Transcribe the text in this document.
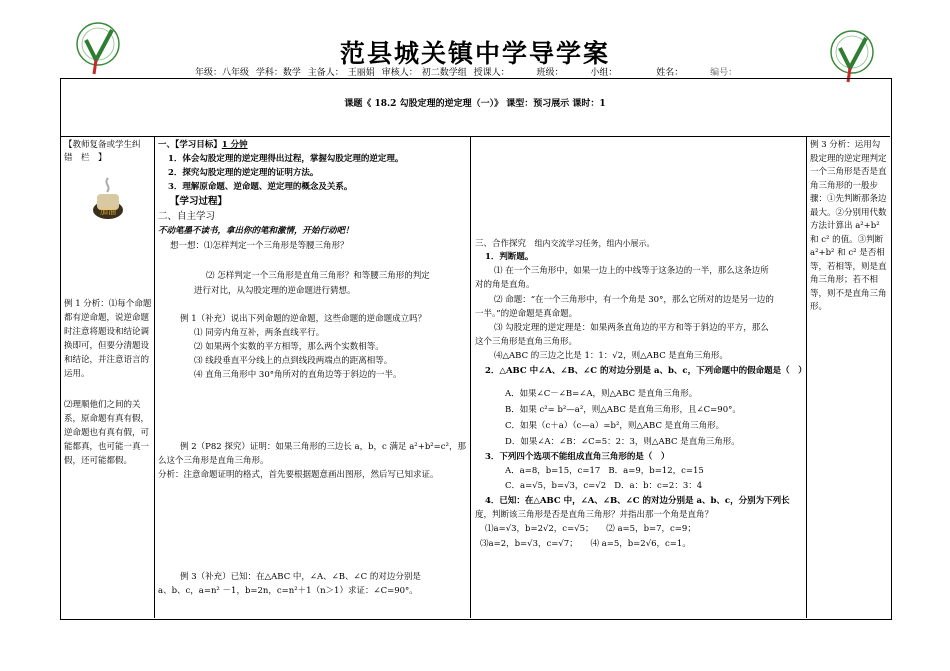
范县城关镇中学导学案
年级：八年级 学科：数学 主备人： 王丽娟 审核人： 初二数学组 授课人：	班级：	小组：	姓名：	编号：
课题《 18.2 勾股定理的逆定理（一）》 课型：预习展示 课时：1
【教师复备或学生纠　错　栏　】
加油
例 1 分析：⑴每个命题都有逆命题，说逆命题时注意将题设和结论调换即可，但要分清题设和结论，并注意语言的运用。
⑵理顺他们之间的关系，原命题有真有假，逆命题也有真有假，可能都真，也可能一真一假，还可能都假。
一、【学习目标】1 分钟
1．体会勾股定理的逆定理得出过程，掌握勾股定理的逆定理。
2．探究勾股定理的逆定理的证明方法。
3．理解原命题、逆命题、逆定理的概念及关系。
【学习过程】
二、自主学习
不动笔墨不读书，拿出你的笔和激情，开始行动吧！
想一想：⑴怎样判定一个三角形是等腰三角形？
⑵ 怎样判定一个三角形是直角三角形？和等腰三角形的判定
进行对比，从勾股定理的逆命题进行猜想。
例 1（补充）说出下列命题的逆命题，这些命题的逆命题成立吗？
⑴ 同旁内角互补，两条直线平行。
⑵ 如果两个实数的平方相等，那么两个实数相等。
⑶ 线段垂直平分线上的点到线段两端点的距离相等。
⑷ 直角三角形中 30°角所对的直角边等于斜边的一半。
例 2（P82 探究）证明：如果三角形的三边长 a，b，c 满足 a²+b²=c²，那
么这个三角形是直角三角形。
分析：注意命题证明的格式，首先要根据题意画出图形，然后写已知求证。
例 3（补充）已知：在△ABC 中，∠A、∠B、∠C 的对边分别是
a、b、c，a=n² －1，b=2n，c=n²＋1（n＞1）求证：∠C=90°。
三、合作探究　 组内交流学习任务，组内小展示。
1．判断题。
⑴ 在一个三角形中，如果一边上的中线等于这条边的一半，那么这条边所
对的角是直角。
⑵ 命题：“在一个三角形中，有一个角是 30°，那么它所对的边是另一边的
一半。”的逆命题是真命题。
⑶ 勾股定理的逆定理是：如果两条直角边的平方和等于斜边的平方，那么
这个三角形是直角三角形。
⑷△ABC 的三边之比是 1：1：√2，则△ABC 是直角三角形。
2．△ABC 中∠A、∠B、∠C 的对边分别是 a、b、c，下列命题中的假命题是（　）
A．如果∠C－∠B=∠A，则△ABC 是直角三角形。
B．如果 c²= b²—a²，则△ABC 是直角三角形，且∠C=90°。
C．如果（c＋a）（c—a）=b²，则△ABC 是直角三角形。
D．如果∠A：∠B：∠C=5：2：3，则△ABC 是直角三角形。
3．下列四个选项不能组成直角三角形的是（　）
A．a=8，b=15，c=17   B．a=9，b=12，c=15
C．a=√5，b=√3，c=√2   D．a：b：c=2：3：4
4．已知：在△ABC 中，∠A、∠B、∠C 的对边分别是 a、b、c，分别为下列长
度，判断该三角形是否是直角三角形？并指出那一个角是直角？
⑴a=√3，b=2√2，c=√5；　　⑵ a=5，b=7，c=9；
⑶a=2，b=√3，c=√7；　　⑷ a=5，b=2√6，c=1。
例 3 分析：运用勾股定理的逆定理判定一个三角形是否是直角三角形的一般步骤：①先判断那条边最大。②分别用代数方法计算出 a²+b² 和 c² 的值。③判断 a²+b² 和 c² 是否相等，若相等，则是直角三角形；若不相等，则不是直角三角形。
